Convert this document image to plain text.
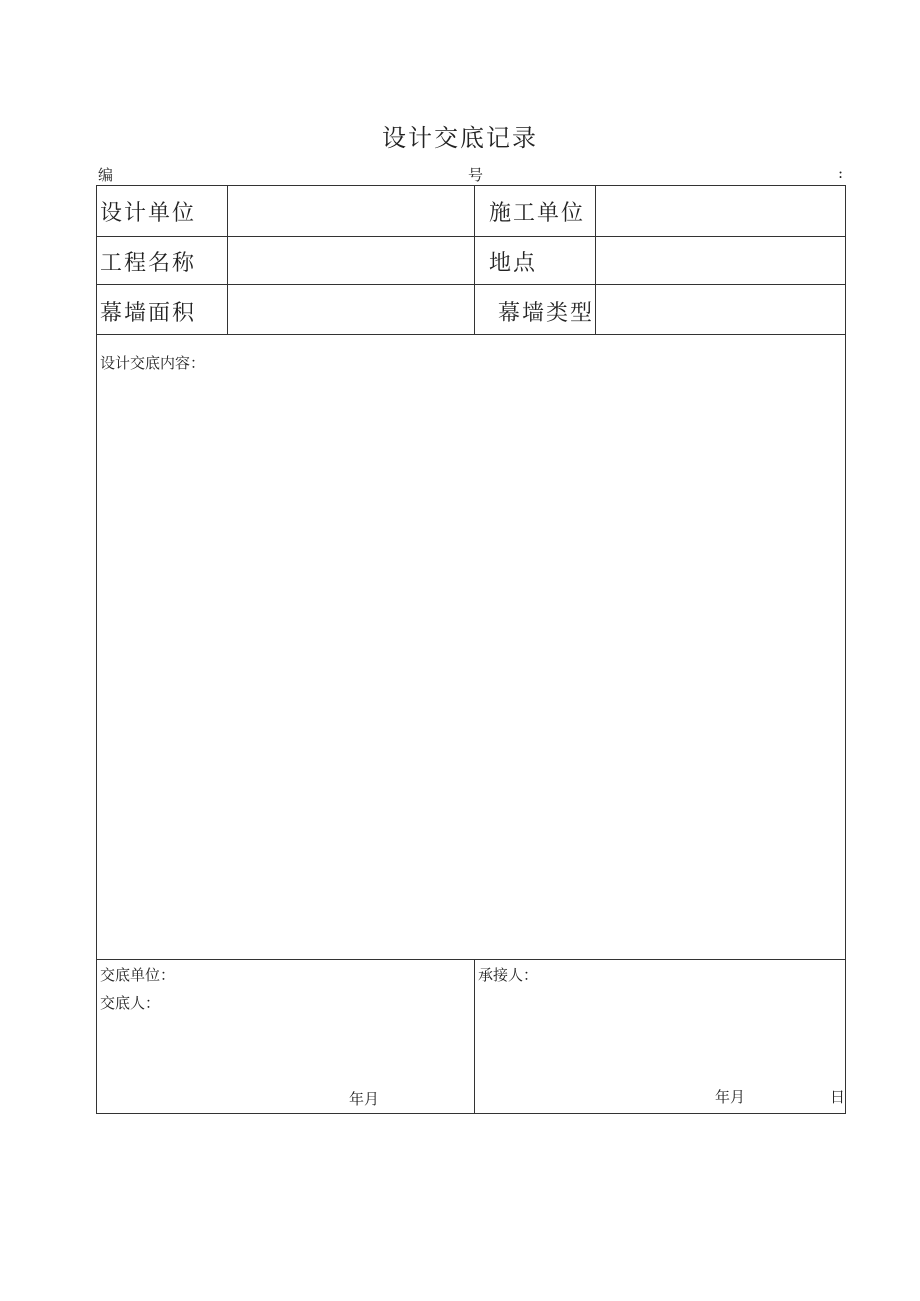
设计交底记录
编	号	:
设计单位	施工单位
工程名称	地点
幕墙面积	幕墙类型
设计交底内容：
交底单位：
交底人：
承接人：
年月	年月	日
